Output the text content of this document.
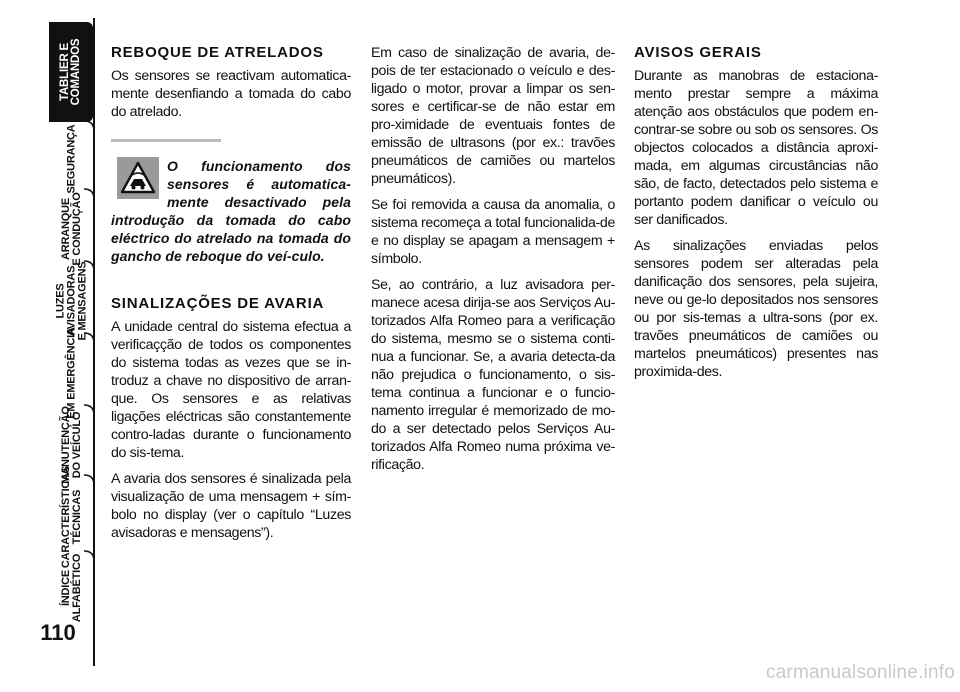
TABLIER E
COMANDOS
SEGURANÇA
ARRANQUE
E CONDUÇÃO
LUZES
AVISADORAS
E MENSAGENS
EM EMERGÊNCIA
MANUTENÇÃO
DO VEÍCULO
CARACTERÍSTICAS
TÉCNICAS
ÍNDICE
ALFABÉTICO
110
REBOQUE DE ATRELADOS

Os sensores se reactivam automatica-mente desenfiando a tomada do cabo do atrelado.

O funcionamento dos sensores é automatica-mente desactivado pela introdução da tomada do cabo eléctrico do atrelado na tomada do gancho de reboque do veí-culo.

SINALIZAÇÕES DE AVARIA

A unidade central do sistema efectua a verificaçção de todos os componentes do sistema todas as vezes que se in-troduz a chave no dispositivo de arran-que. Os sensores e as relativas ligações eléctricas são constantemente contro-ladas durante o funcionamento do sis-tema.

A avaria dos sensores é sinalizada pela visualização de uma mensagem + sím-bolo no display (ver o capítulo “Luzes avisadoras e mensagens”).

Em caso de sinalização de avaria, de-pois de ter estacionado o veículo e des-ligado o motor, provar a limpar os sen-sores e certificar-se de não estar em pro-ximidade de eventuais fontes de emissão de ultrasons (por ex.: travões pneumáticos de camiões ou martelos pneumáticos).

Se foi removida a causa da anomalia, o sistema recomeça a total funcionalida-de e no display se apagam a mensagem + símbolo.

Se, ao contrário, a luz avisadora per-manece acesa dirija-se aos Serviços Au-torizados Alfa Romeo para a verificação do sistema, mesmo se o sistema conti-nua a funcionar. Se, a avaria detecta-da não prejudica o funcionamento, o sis-tema continua a funcionar e o funcio-namento irregular é memorizado de mo-do a ser detectado pelos Serviços Au-torizados Alfa Romeo numa próxima ve-rificação.

AVISOS GERAIS

Durante as manobras de estaciona-mento prestar sempre a máxima atenção aos obstáculos que podem en-contrar-se sobre ou sob os sensores. Os objectos colocados a distância aproxi-mada, em algumas circustâncias não são, de facto, detectados pelo sistema e portanto podem danificar o veículo ou ser danificados.

As sinalizações enviadas pelos sensores podem ser alteradas pela danificação dos sensores, pela sujeira, neve ou ge-lo depositados nos sensores ou por sis-temas a ultra-sons (por ex. travões pneumáticos de camiões ou martelos pneumáticos) presentes nas proximida-des.

carmanualsonline.info
